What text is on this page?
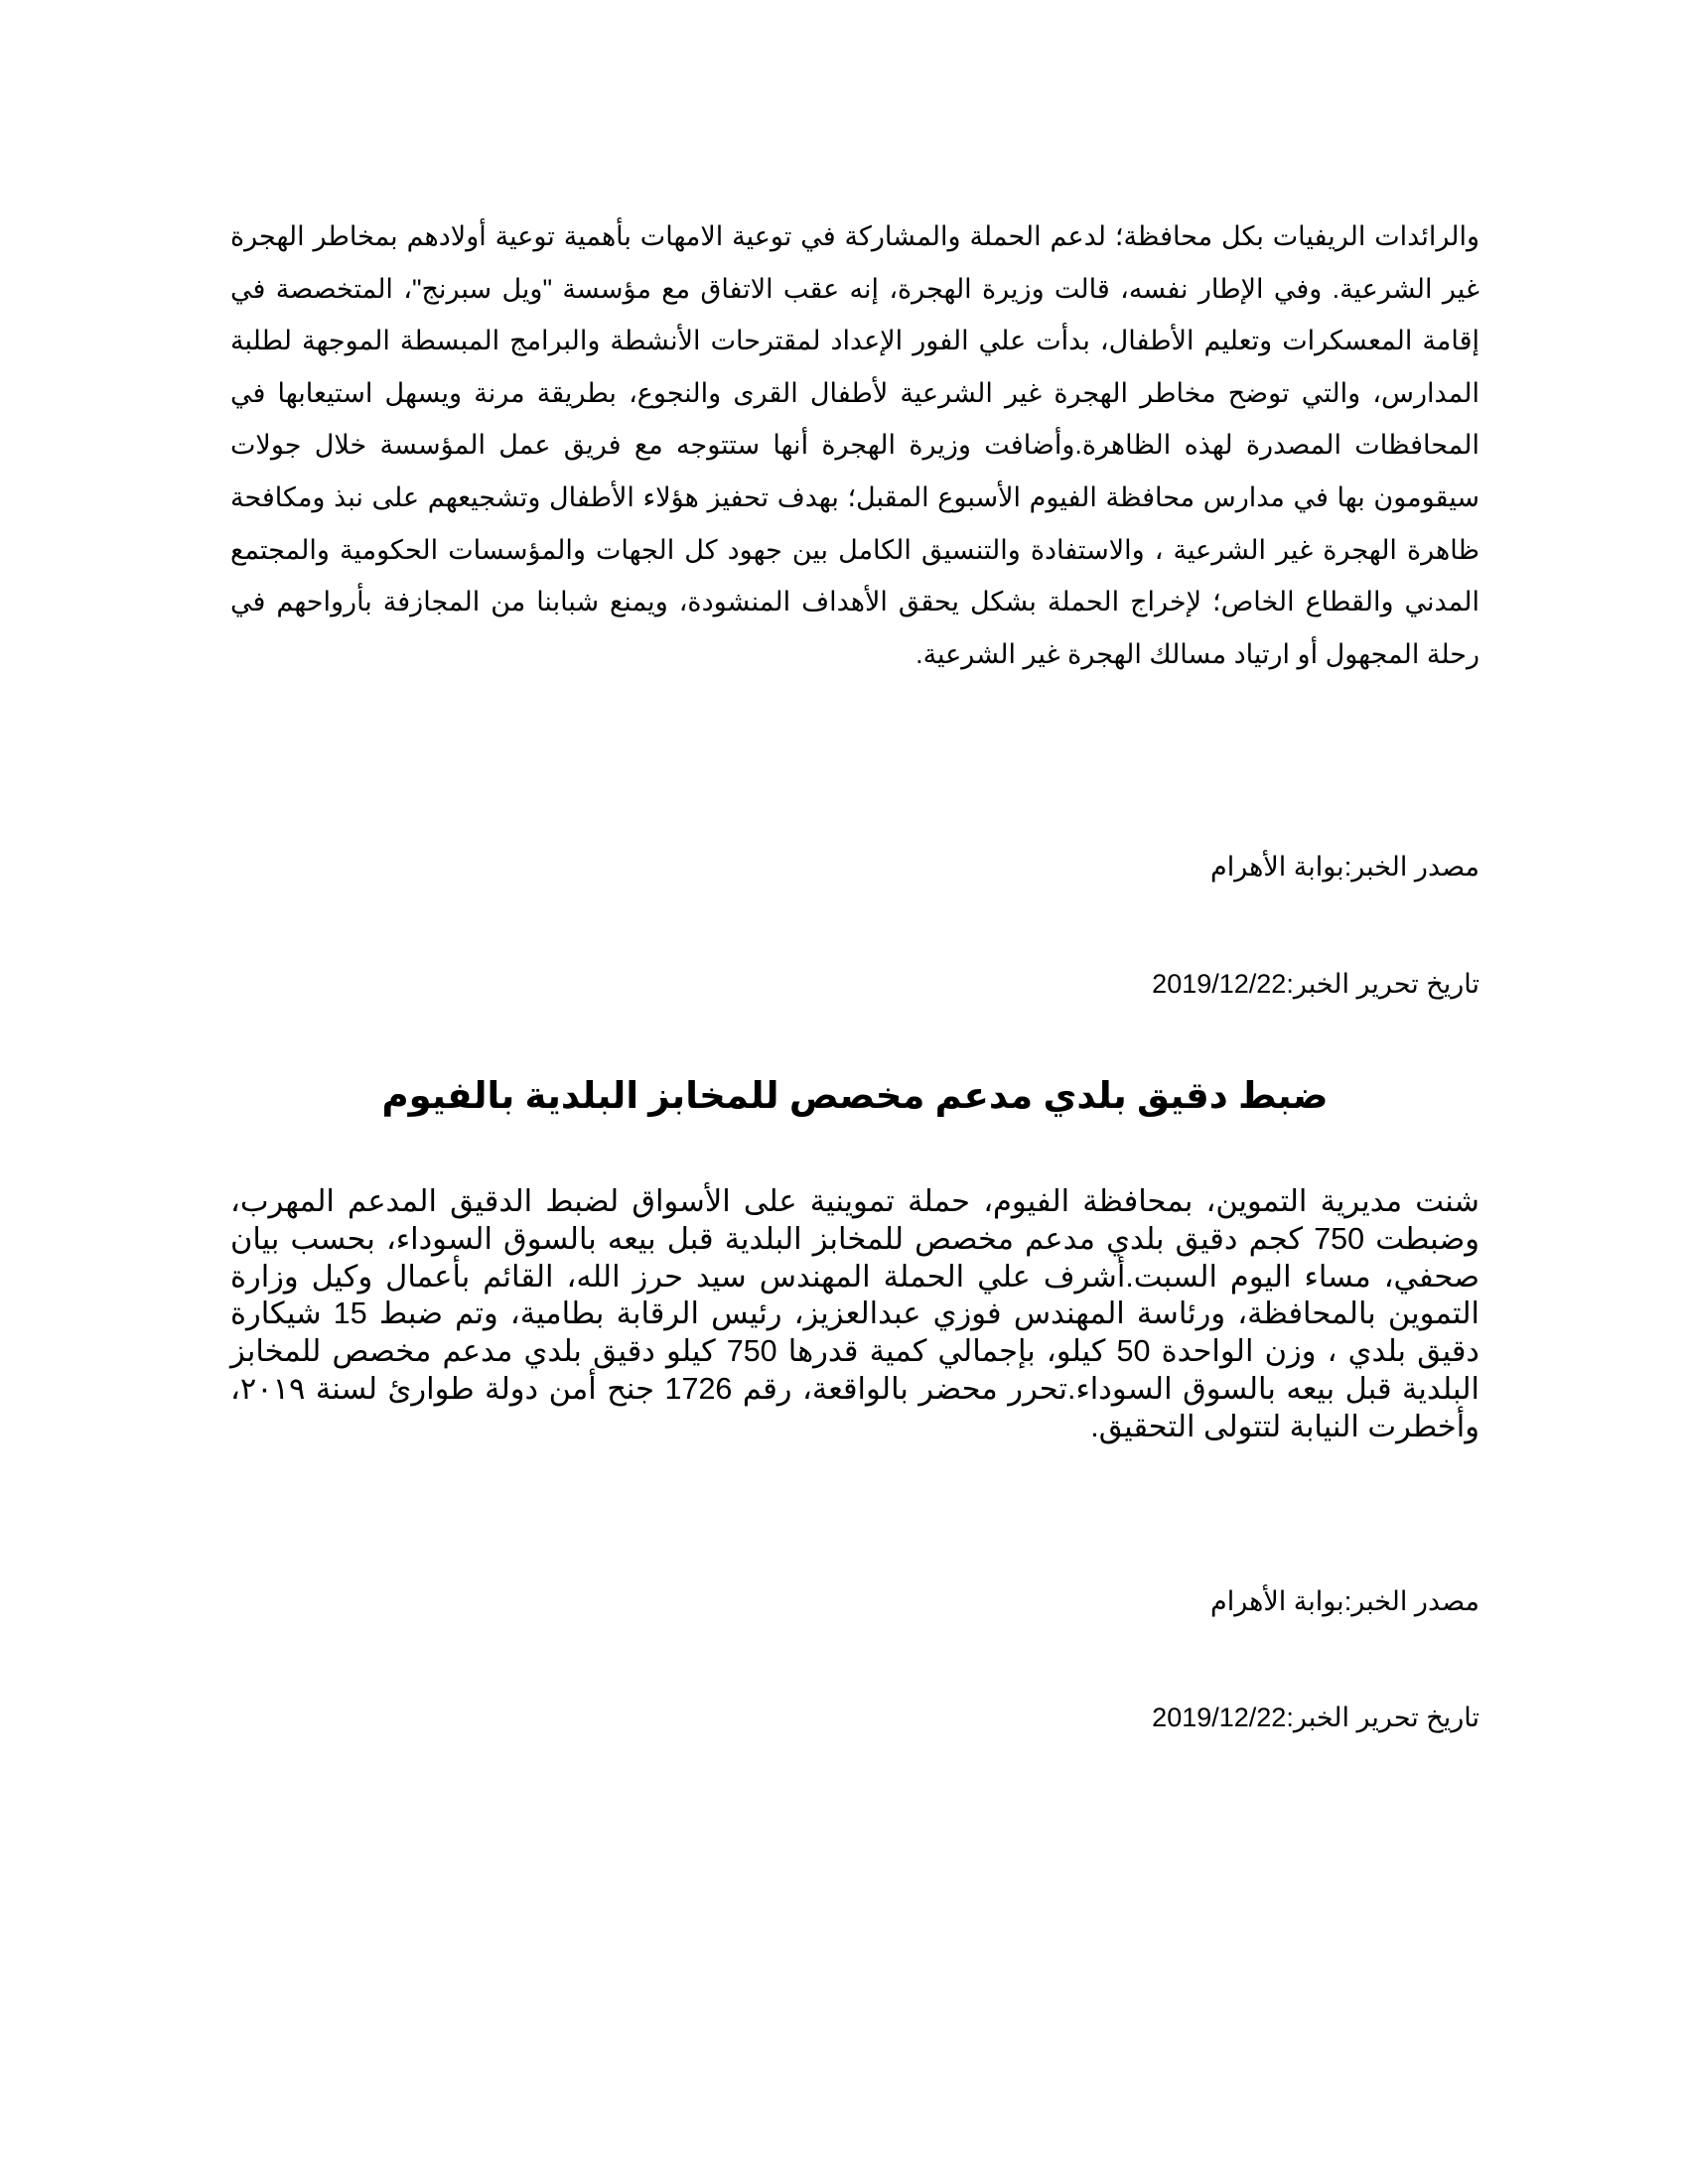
والرائدات الريفيات بكل محافظة؛ لدعم الحملة والمشاركة في توعية الامهات بأهمية توعية أولادهم بمخاطر الهجرة غير الشرعية. وفي الإطار نفسه، قالت وزيرة الهجرة، إنه عقب الاتفاق مع مؤسسة "ويل سبرنج"، المتخصصة في إقامة المعسكرات وتعليم الأطفال، بدأت علي الفور الإعداد لمقترحات الأنشطة والبرامج المبسطة الموجهة لطلبة المدارس، والتي توضح مخاطر الهجرة غير الشرعية لأطفال القرى والنجوع، بطريقة مرنة ويسهل استيعابها في المحافظات المصدرة لهذه الظاهرة.وأضافت وزيرة الهجرة أنها ستتوجه مع فريق عمل المؤسسة خلال جولات سيقومون بها في مدارس محافظة الفيوم الأسبوع المقبل؛ بهدف تحفيز هؤلاء الأطفال وتشجيعهم على نبذ ومكافحة ظاهرة الهجرة غير الشرعية ، والاستفادة والتنسيق الكامل بين جهود كل الجهات والمؤسسات الحكومية والمجتمع المدني والقطاع الخاص؛ لإخراج الحملة بشكل يحقق الأهداف المنشودة، ويمنع شبابنا من المجازفة بأرواحهم في رحلة المجهول أو ارتياد مسالك الهجرة غير الشرعية.

مصدر الخبر:بوابة الأهرام
تاريخ تحرير الخبر:2019/12/22
ضبط دقيق بلدي مدعم مخصص للمخابز البلدية بالفيوم

شنت مديرية التموين، بمحافظة الفيوم، حملة تموينية على الأسواق لضبط الدقيق المدعم المهرب، وضبطت 750 كجم دقيق بلدي مدعم مخصص للمخابز البلدية قبل بيعه بالسوق السوداء، بحسب بيان صحفي، مساء اليوم السبت.أشرف علي الحملة المهندس سيد حرز الله، القائم بأعمال وكيل وزارة التموين بالمحافظة، ورئاسة المهندس فوزي عبدالعزيز، رئيس الرقابة بطامية، وتم ضبط 15 شيكارة دقيق بلدي ، وزن الواحدة 50 كيلو، بإجمالي كمية قدرها 750 كيلو دقيق بلدي مدعم مخصص للمخابز البلدية قبل بيعه بالسوق السوداء.تحرر محضر بالواقعة، رقم 1726 جنح أمن دولة طوارئ لسنة ٢٠١٩، وأخطرت النيابة لتتولى التحقيق.

مصدر الخبر:بوابة الأهرام
تاريخ تحرير الخبر:2019/12/22
